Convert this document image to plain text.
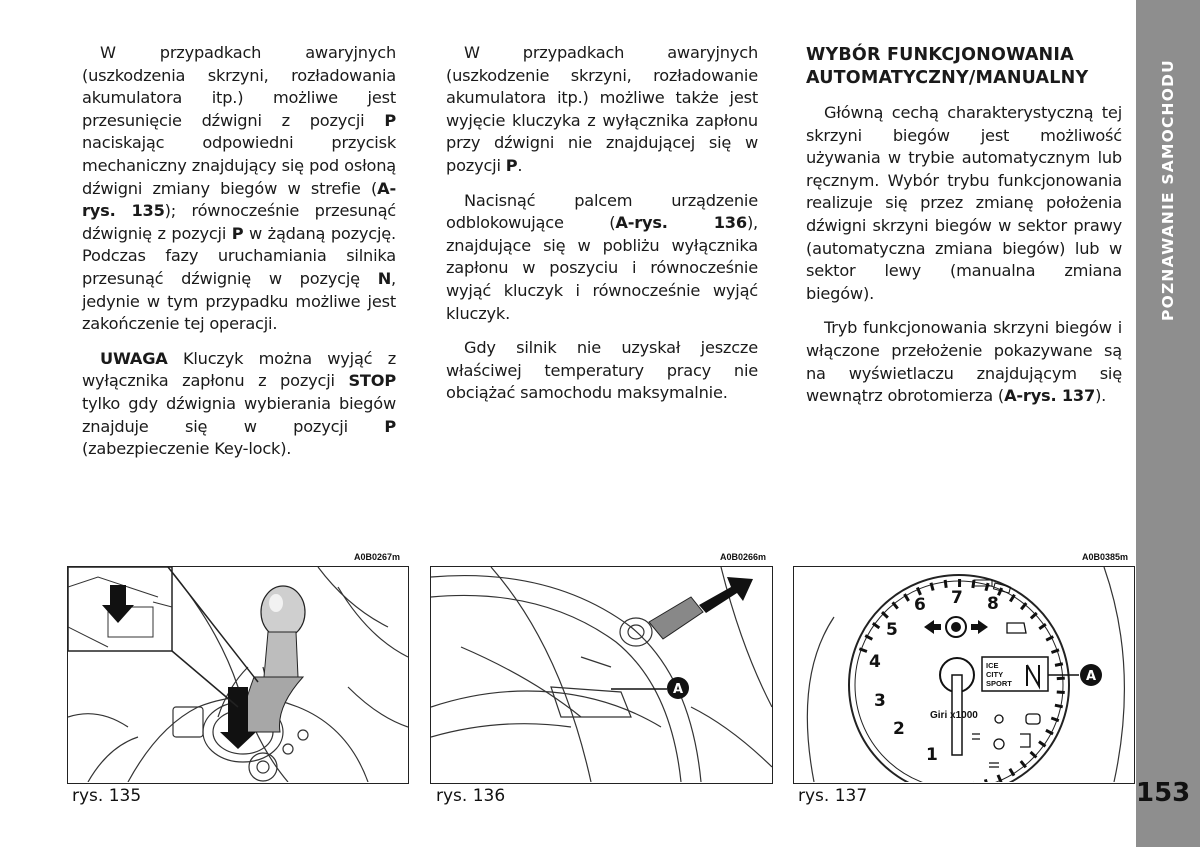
W przypadkach awaryjnych (uszkodzenia skrzyni, rozładowania akumulatora itp.) możliwe jest przesunięcie dźwigni z pozycji P naciskając odpowiedni przycisk mechaniczny znajdujący się pod osłoną dźwigni zmiany biegów w strefie (A-rys. 135); równocześnie przesunąć dźwignię z pozycji P w żądaną pozycję. Podczas fazy uruchamiania silnika przesunąć dźwignię w pozycję N, jedynie w tym przypadku możliwe jest zakończenie tej operacji.

UWAGA Kluczyk można wyjąć z wyłącznika zapłonu z pozycji STOP tylko gdy dźwignia wybierania biegów znajduje się w pozycji P (zabezpieczenie Key-lock).

W przypadkach awaryjnych (uszkodzenie skrzyni, rozładowanie akumulatora itp.) możliwe także jest wyjęcie kluczyka z wyłącznika zapłonu przy dźwigni nie znajdującej się w pozycji P.

Nacisnąć palcem urządzenie odblokowujące (A-rys. 136), znajdujące się w pobliżu wyłącznika zapłonu w poszyciu i równocześnie wyjąć kluczyk i równocześnie wyjąć kluczyk.

Gdy silnik nie uzyskał jeszcze właściwej temperatury pracy nie obciążać samochodu maksymalnie.

WYBÓR FUNKCJONOWANIA
AUTOMATYCZNY/MANUALNY

Główną cechą charakterystyczną tej skrzyni biegów jest możliwość używania w trybie automatycznym lub ręcznym. Wybór trybu funkcjonowania realizuje się przez zmianę położenia dźwigni skrzyni biegów w sektor prawy (automatyczna zmiana biegów) lub w sektor lewy (manualna zmiana biegów).

Tryb funkcjonowania skrzyni biegów i włączone przełożenie pokazywane są na wyświetlaczu znajdującym się wewnątrz obrotomierza (A-rys. 137).

POZNAWANIE SAMOCHODU
153
A0B0267m	A0B0266m	A0B0385m
A
1
2
3
4
5
6 7 8
ICE
CITY
SPORT	A
Giri x1000
rys. 135	rys. 136	rys. 137
